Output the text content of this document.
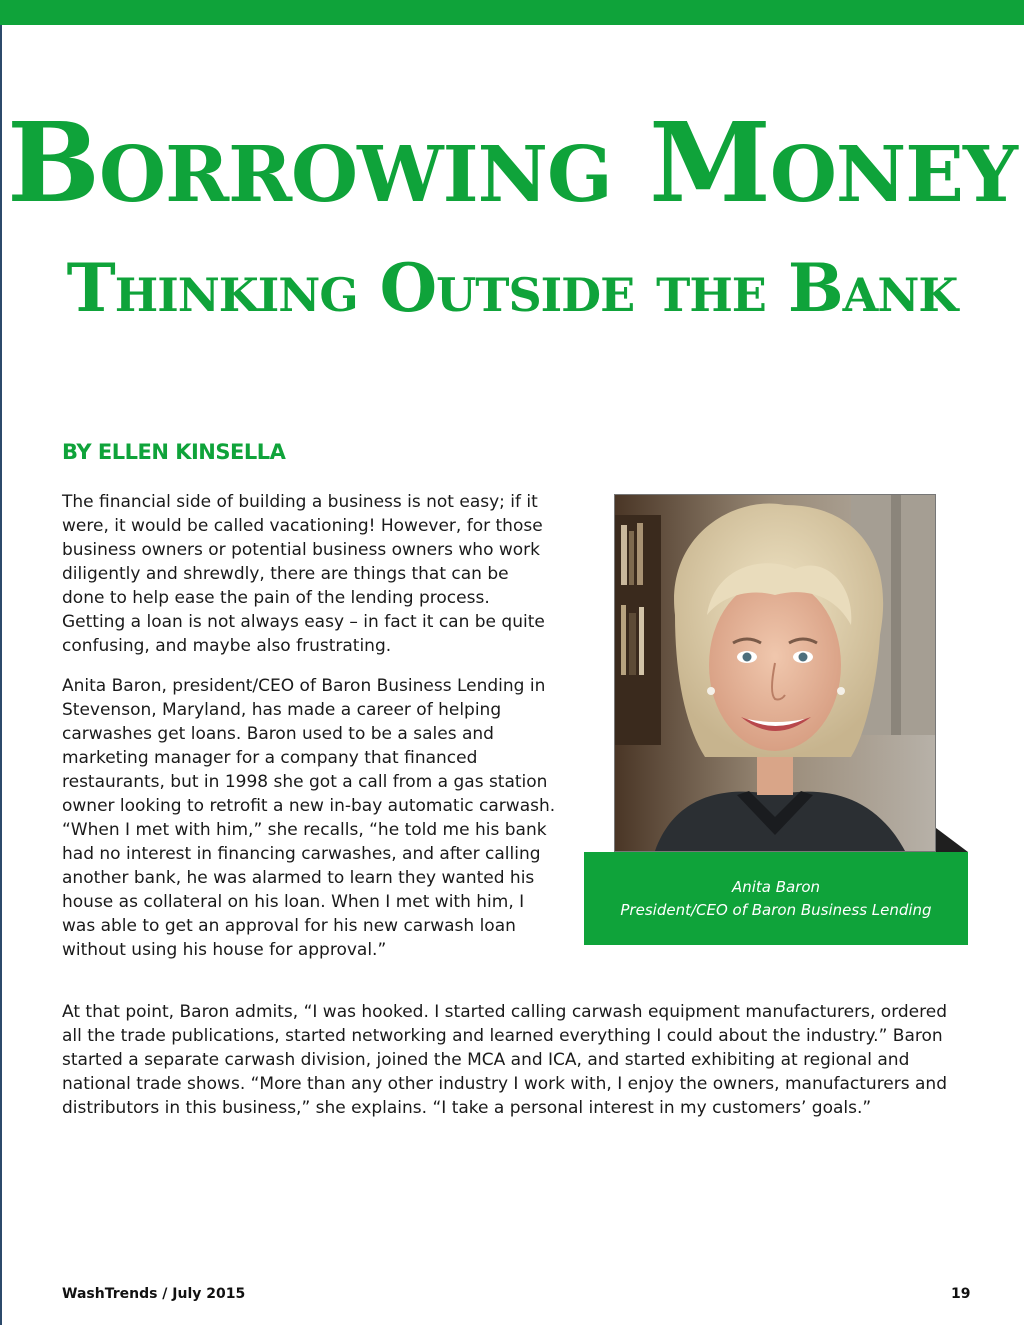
Borrowing Money
Thinking Outside the Bank
BY ELLEN KINSELLA

The financial side of building a business is not easy; if it were, it would be called vacationing! However, for those business owners or potential business owners who work diligently and shrewdly, there are things that can be done to help ease the pain of the lending process. Getting a loan is not always easy – in fact it can be quite confusing, and maybe also frustrating.

Anita Baron, president/CEO of Baron Business Lending in Stevenson, Maryland, has made a career of helping carwashes get loans. Baron used to be a sales and marketing manager for a company that financed restaurants, but in 1998 she got a call from a gas station owner looking to retrofit a new in-bay automatic carwash. “When I met with him,” she recalls, “he told me his bank had no interest in financing carwashes, and after calling another bank, he was alarmed to learn they wanted his house as collateral on his loan. When I met with him, I was able to get an approval for his new carwash loan without using his house for approval.”

At that point, Baron admits, “I was hooked. I started calling carwash equipment manufacturers, ordered all the trade publications, started networking and learned everything I could about the industry.” Baron started a separate carwash division, joined the MCA and ICA, and started exhibiting at regional and national trade shows. “More than any other industry I work with, I enjoy the owners, manufacturers and distributors in this business,” she explains. “I take a personal interest in my customers’ goals.”

Anita Baron
President/CEO of Baron Business Lending
WashTrends / July 2015	19
